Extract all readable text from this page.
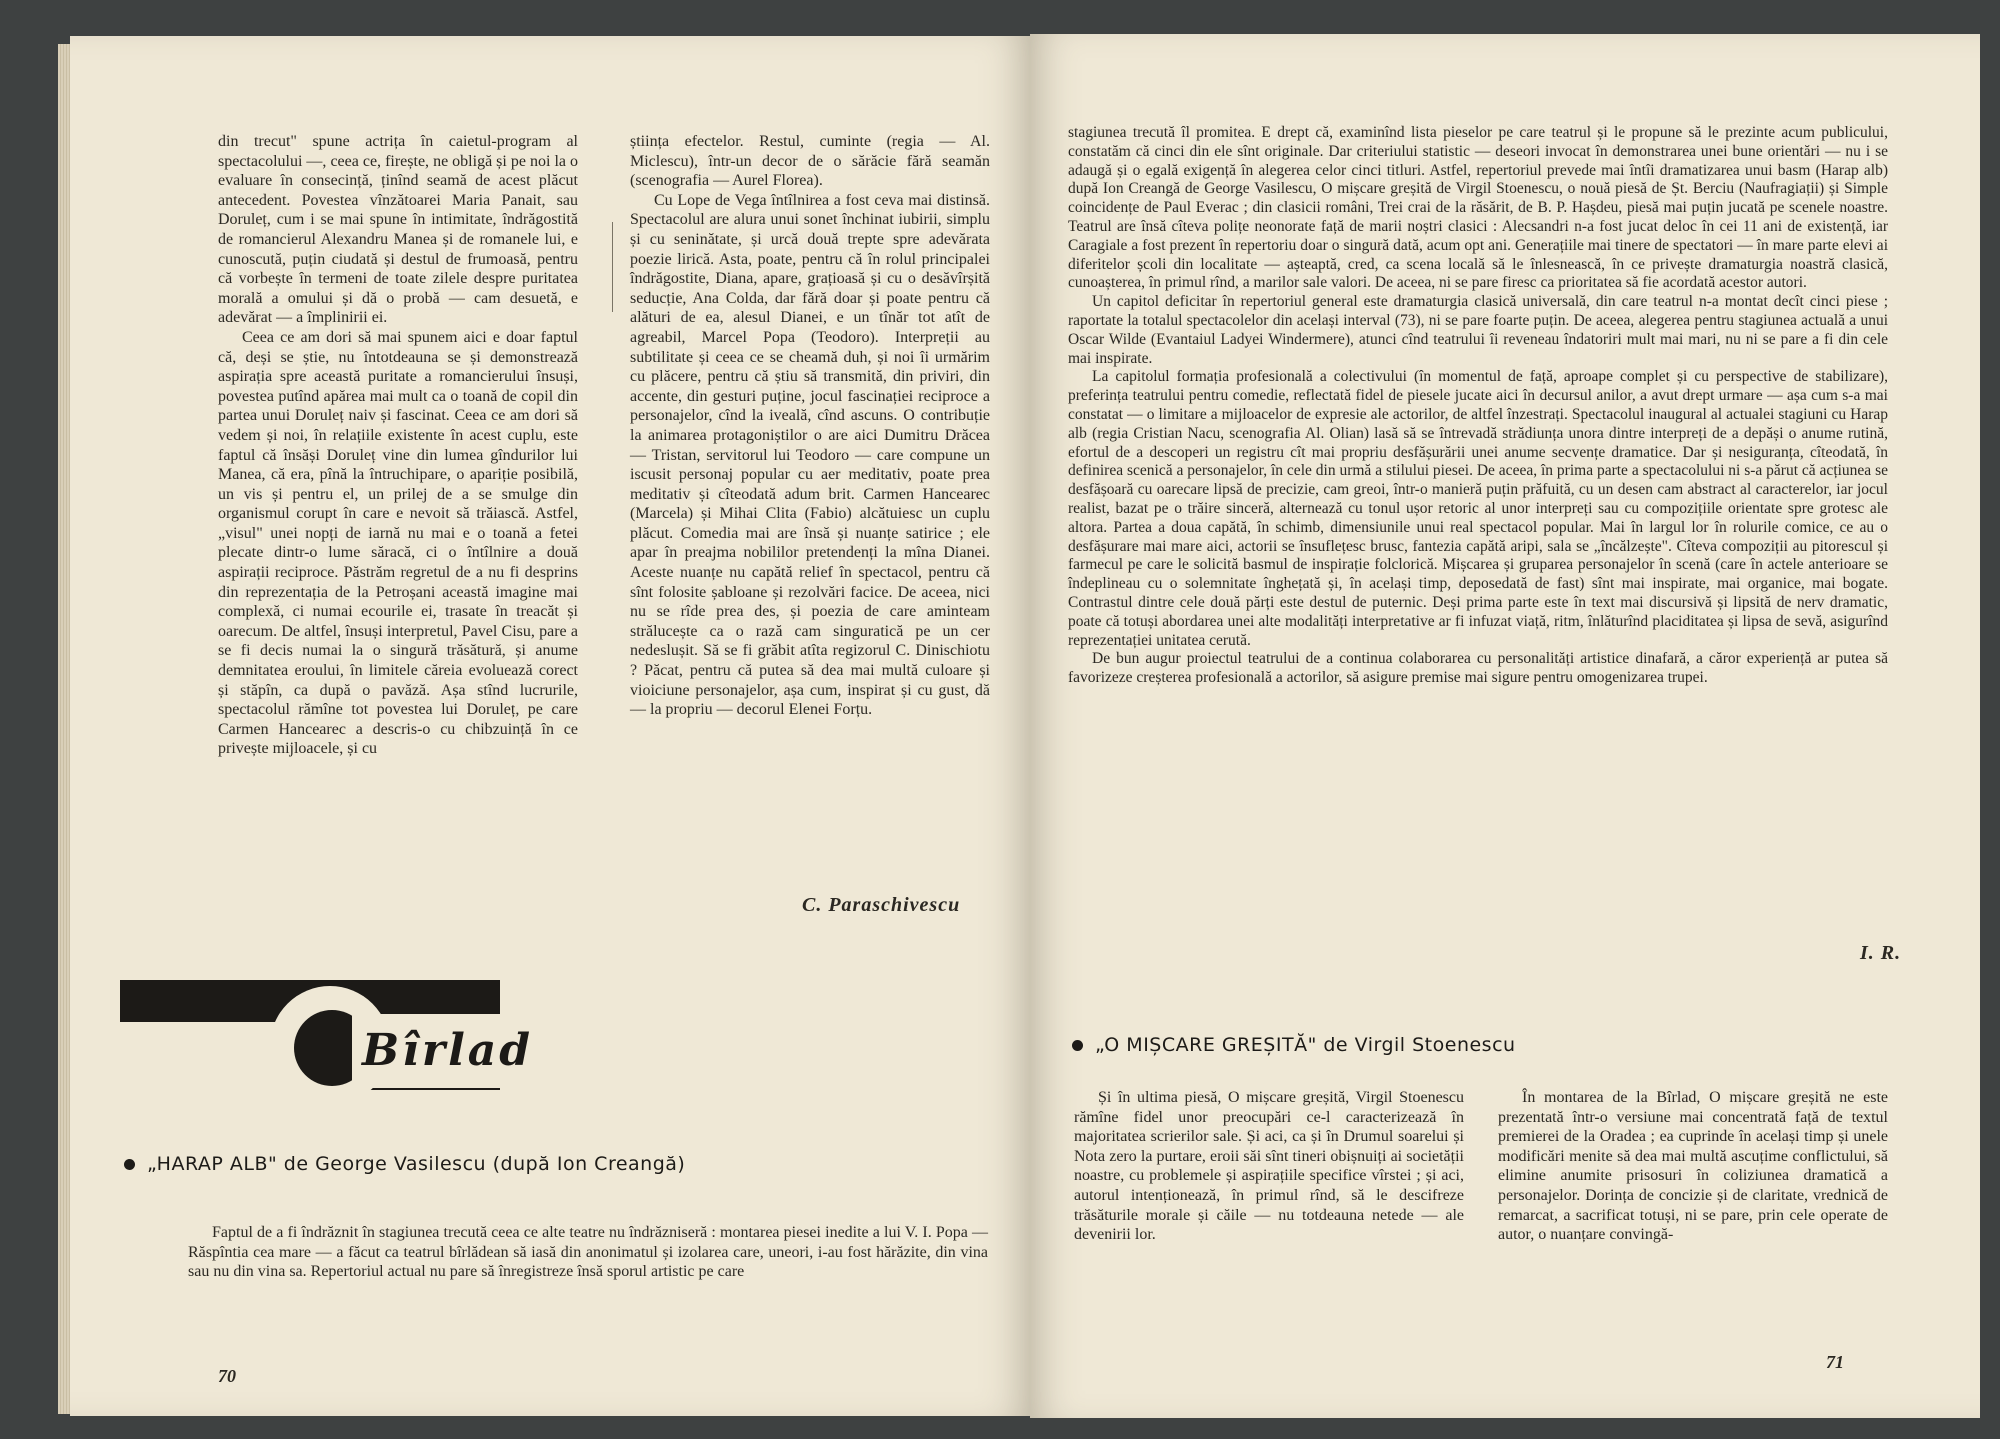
din trecut" spune actrița în caietul-program al spectacolului —, ceea ce, firește, ne obligă și pe noi la o evaluare în consecință, ținînd seamă de acest plăcut antecedent. Povestea vînzătoarei Maria Panait, sau Doruleț, cum i se mai spune în intimitate, îndrăgostită de romancierul Alexandru Manea și de romanele lui, e cunoscută, puțin ciudată și destul de frumoasă, pentru că vorbește în termeni de toate zilele despre puritatea morală a omului și dă o probă — cam desuetă, e adevărat — a împlinirii ei.

Ceea ce am dori să mai spunem aici e doar faptul că, deși se știe, nu întotdeauna se și demonstrează aspirația spre această puritate a romancierului însuși, povestea putînd apărea mai mult ca o toană de copil din partea unui Doruleț naiv și fascinat. Ceea ce am dori să vedem și noi, în relațiile existente în acest cuplu, este faptul că însăși Doruleț vine din lumea gîndurilor lui Manea, că era, pînă la întruchipare, o apariție posibilă, un vis și pentru el, un prilej de a se smulge din organismul corupt în care e nevoit să trăiască. Astfel, „visul" unei nopți de iarnă nu mai e o toană a fetei plecate dintr-o lume săracă, ci o întîlnire a două aspirații reciproce. Păstrăm regretul de a nu fi desprins din reprezentația de la Petroșani această imagine mai complexă, ci numai ecourile ei, trasate în treacăt și oarecum. De altfel, însuși interpretul, Pavel Cisu, pare a se fi decis numai la o singură trăsătură, și anume demnitatea eroului, în limitele căreia evoluează corect și stăpîn, ca după o pavăză. Așa stînd lucrurile, spectacolul rămîne tot povestea lui Doruleț, pe care Carmen Hancearec a descris-o cu chibzuință în ce privește mijloacele, și cu

știința efectelor. Restul, cuminte (regia — Al. Miclescu), într-un decor de o sărăcie fără seamăn (scenografia — Aurel Florea).

Cu Lope de Vega întîlnirea a fost ceva mai distinsă. Spectacolul are alura unui sonet închinat iubirii, simplu și cu seninătate, și urcă două trepte spre adevărata poezie lirică. Asta, poate, pentru că în rolul principalei îndrăgostite, Diana, apare, grațioasă și cu o desăvîrșită seducție, Ana Colda, dar fără doar și poate pentru că alături de ea, alesul Dianei, e un tînăr tot atît de agreabil, Marcel Popa (Teodoro). Interpreții au subtilitate și ceea ce se cheamă duh, și noi îi urmărim cu plăcere, pentru că știu să transmită, din priviri, din accente, din gesturi puține, jocul fascinației reciproce a personajelor, cînd la iveală, cînd ascuns. O contribuție la animarea protagoniștilor o are aici Dumitru Drăcea — Tristan, servitorul lui Teodoro — care compune un iscusit personaj popular cu aer meditativ, poate prea meditativ și cîteodată adum brit. Carmen Hancearec (Marcela) și Mihai Clita (Fabio) alcătuiesc un cuplu plăcut. Comedia mai are însă și nuanțe satirice ; ele apar în preajma nobililor pretendenți la mîna Dianei. Aceste nuanțe nu capătă relief în spectacol, pentru că sînt folosite șabloane și rezolvări facice. De aceea, nici nu se rîde prea des, și poezia de care aminteam strălucește ca o rază cam singuratică pe un cer nedeslușit. Să se fi grăbit atîta regizorul C. Dinischiotu ? Păcat, pentru că putea să dea mai multă culoare și vioiciune personajelor, așa cum, inspirat și cu gust, dă — la propriu — decorul Elenei Forțu.

C. Paraschivescu
Bîrlad
„HARAP ALB" de George Vasilescu (după Ion Creangă)

Faptul de a fi îndrăznit în stagiunea trecută ceea ce alte teatre nu îndrăzniseră : montarea piesei inedite a lui V. I. Popa — Răspîntia cea mare — a făcut ca teatrul bîrlădean să iasă din anonimatul și izolarea care, uneori, i-au fost hărăzite, din vina sau nu din vina sa. Repertoriul actual nu pare să înregistreze însă sporul artistic pe care

70

stagiunea trecută îl promitea. E drept că, examinînd lista pieselor pe care teatrul și le propune să le prezinte acum publicului, constatăm că cinci din ele sînt originale. Dar criteriului statistic — deseori invocat în demonstrarea unei bune orientări — nu i se adaugă și o egală exigență în alegerea celor cinci titluri. Astfel, repertoriul prevede mai întîi dramatizarea unui basm (Harap alb) după Ion Creangă de George Vasilescu, O mișcare greșită de Virgil Stoenescu, o nouă piesă de Șt. Berciu (Naufragiații) și Simple coincidențe de Paul Everac ; din clasicii români, Trei crai de la răsărit, de B. P. Hașdeu, piesă mai puțin jucată pe scenele noastre. Teatrul are însă cîteva polițe neonorate față de marii noștri clasici : Alecsandri n-a fost jucat deloc în cei 11 ani de existență, iar Caragiale a fost prezent în repertoriu doar o singură dată, acum opt ani. Generațiile mai tinere de spectatori — în mare parte elevi ai diferitelor școli din localitate — așteaptă, cred, ca scena locală să le înlesnească, în ce privește dramaturgia noastră clasică, cunoașterea, în primul rînd, a marilor sale valori. De aceea, ni se pare firesc ca prioritatea să fie acordată acestor autori.

Un capitol deficitar în repertoriul general este dramaturgia clasică universală, din care teatrul n-a montat decît cinci piese ; raportate la totalul spectacolelor din același interval (73), ni se pare foarte puțin. De aceea, alegerea pentru stagiunea actuală a unui Oscar Wilde (Evantaiul Ladyei Windermere), atunci cînd teatrului îi reveneau îndatoriri mult mai mari, nu ni se pare a fi din cele mai inspirate.

La capitolul formația profesională a colectivului (în momentul de față, aproape complet și cu perspective de stabilizare), preferința teatrului pentru comedie, reflectată fidel de piesele jucate aici în decursul anilor, a avut drept urmare — așa cum s-a mai constatat — o limitare a mijloacelor de expresie ale actorilor, de altfel înzestrați. Spectacolul inaugural al actualei stagiuni cu Harap alb (regia Cristian Nacu, scenografia Al. Olian) lasă să se întrevadă strădiunța unora dintre interpreți de a depăși o anume rutină, efortul de a descoperi un registru cît mai propriu desfășurării unei anume secvențe dramatice. Dar și nesiguranța, cîteodată, în definirea scenică a personajelor, în cele din urmă a stilului piesei. De aceea, în prima parte a spectacolului ni s-a părut că acțiunea se desfășoară cu oarecare lipsă de precizie, cam greoi, într-o manieră puțin prăfuită, cu un desen cam abstract al caracterelor, iar jocul realist, bazat pe o trăire sinceră, alternează cu tonul ușor retoric al unor interpreți sau cu compozițiile orientate spre grotesc ale altora. Partea a doua capătă, în schimb, dimensiunile unui real spectacol popular. Mai în largul lor în rolurile comice, ce au o desfășurare mai mare aici, actorii se însuflețesc brusc, fantezia capătă aripi, sala se „încălzește". Cîteva compoziții au pitorescul și farmecul pe care le solicită basmul de inspirație folclorică. Mișcarea și gruparea personajelor în scenă (care în actele anterioare se îndeplineau cu o solemnitate înghețată și, în același timp, deposedată de fast) sînt mai inspirate, mai organice, mai bogate. Contrastul dintre cele două părți este destul de puternic. Deși prima parte este în text mai discursivă și lipsită de nerv dramatic, poate că totuși abordarea unei alte modalități interpretative ar fi infuzat viață, ritm, înlăturînd placiditatea și lipsa de sevă, asigurînd reprezentației unitatea cerută.

De bun augur proiectul teatrului de a continua colaborarea cu personalități artistice dinafară, a căror experiență ar putea să favorizeze creșterea profesională a actorilor, să asigure premise mai sigure pentru omogenizarea trupei.

I. R.
„O MIȘCARE GREȘITĂ" de Virgil Stoenescu

Și în ultima piesă, O mișcare greșită, Virgil Stoenescu rămîne fidel unor preocupări ce-l caracterizează în majoritatea scrierilor sale. Și aci, ca și în Drumul soarelui și Nota zero la purtare, eroii săi sînt tineri obișnuiți ai societății noastre, cu problemele și aspirațiile specifice vîrstei ; și aci, autorul intenționează, în primul rînd, să le descifreze trăsăturile morale și căile — nu totdeauna netede — ale devenirii lor.

În montarea de la Bîrlad, O mișcare greșită ne este prezentată într-o versiune mai concentrată față de textul premierei de la Oradea ; ea cuprinde în același timp și unele modificări menite să dea mai multă ascuțime conflictului, să elimine anumite prisosuri în coliziunea dramatică a personajelor. Dorința de concizie și de claritate, vrednică de remarcat, a sacrificat totuși, ni se pare, prin cele operate de autor, o nuanțare convingă-

71
